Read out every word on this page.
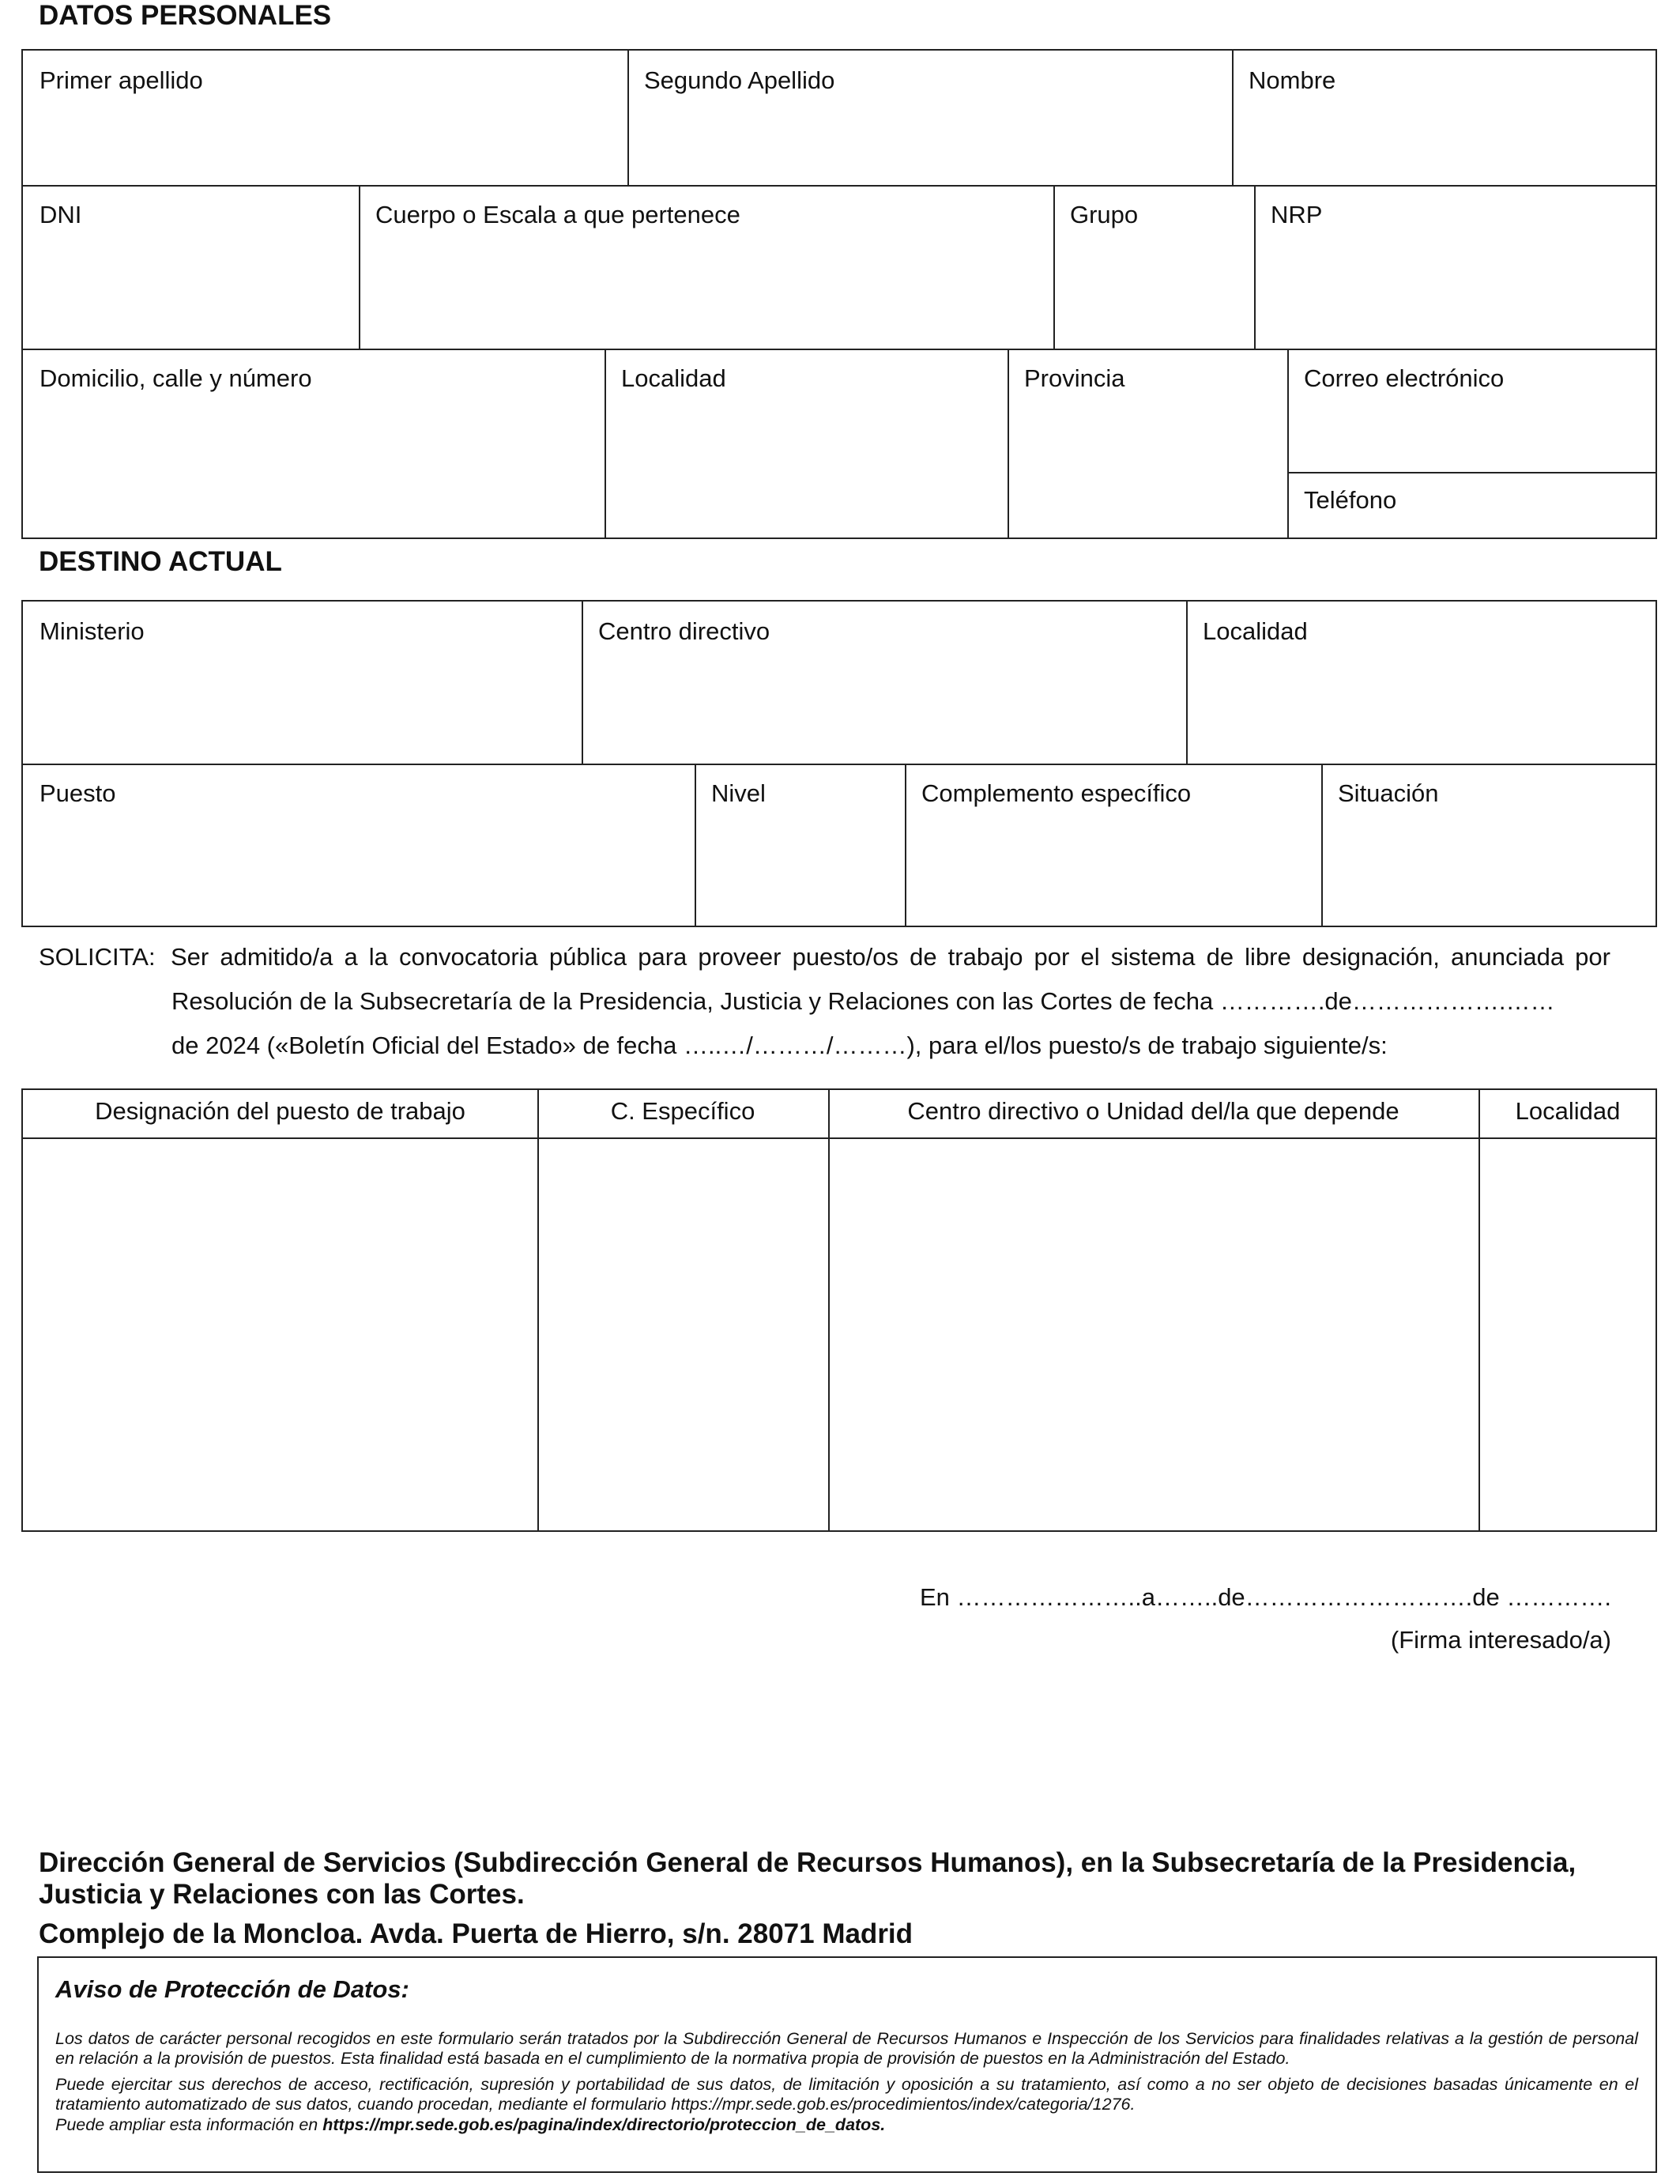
DATOS PERSONALES
Primer apellido	Segundo Apellido	Nombre
DNI	Cuerpo o Escala a que pertenece	Grupo	NRP
Domicilio, calle y número	Localidad	Provincia	Correo electrónico
Teléfono
DESTINO ACTUAL
Ministerio	Centro directivo	Localidad
Puesto	Nivel	Complemento específico	Situación
SOLICITA: Ser admitido/a a la convocatoria pública para proveer puesto/os de trabajo por el sistema de libre designación, anunciada por
Resolución de la Subsecretaría de la Presidencia, Justicia y Relaciones con las Cortes de fecha ………….de……………….……
de 2024 («Boletín Oficial del Estado» de fecha …..…/………/………), para el/los puesto/s de trabajo siguiente/s:
Designación del puesto de trabajo	C. Específico	Centro directivo o Unidad del/la que depende	Localidad
En …………………..a……..de……………………….de ………….
(Firma interesado/a)
Dirección General de Servicios (Subdirección General de Recursos Humanos), en la Subsecretaría de la Presidencia,
Justicia y Relaciones con las Cortes.
Complejo de la Moncloa. Avda. Puerta de Hierro, s/n. 28071 Madrid
Aviso de Protección de Datos:
Los datos de carácter personal recogidos en este formulario serán tratados por la Subdirección General de Recursos Humanos e Inspección de los Servicios para finalidades relativas a la gestión de personal en relación a la provisión de puestos. Esta finalidad está basada en el cumplimiento de la normativa propia de provisión de puestos en la Administración del Estado.
Puede ejercitar sus derechos de acceso, rectificación, supresión y portabilidad de sus datos, de limitación y oposición a su tratamiento, así como a no ser objeto de decisiones basadas únicamente en el tratamiento automatizado de sus datos, cuando procedan, mediante el formulario https://mpr.sede.gob.es/procedimientos/index/categoria/1276.
Puede ampliar esta información en https://mpr.sede.gob.es/pagina/index/directorio/proteccion_de_datos.
